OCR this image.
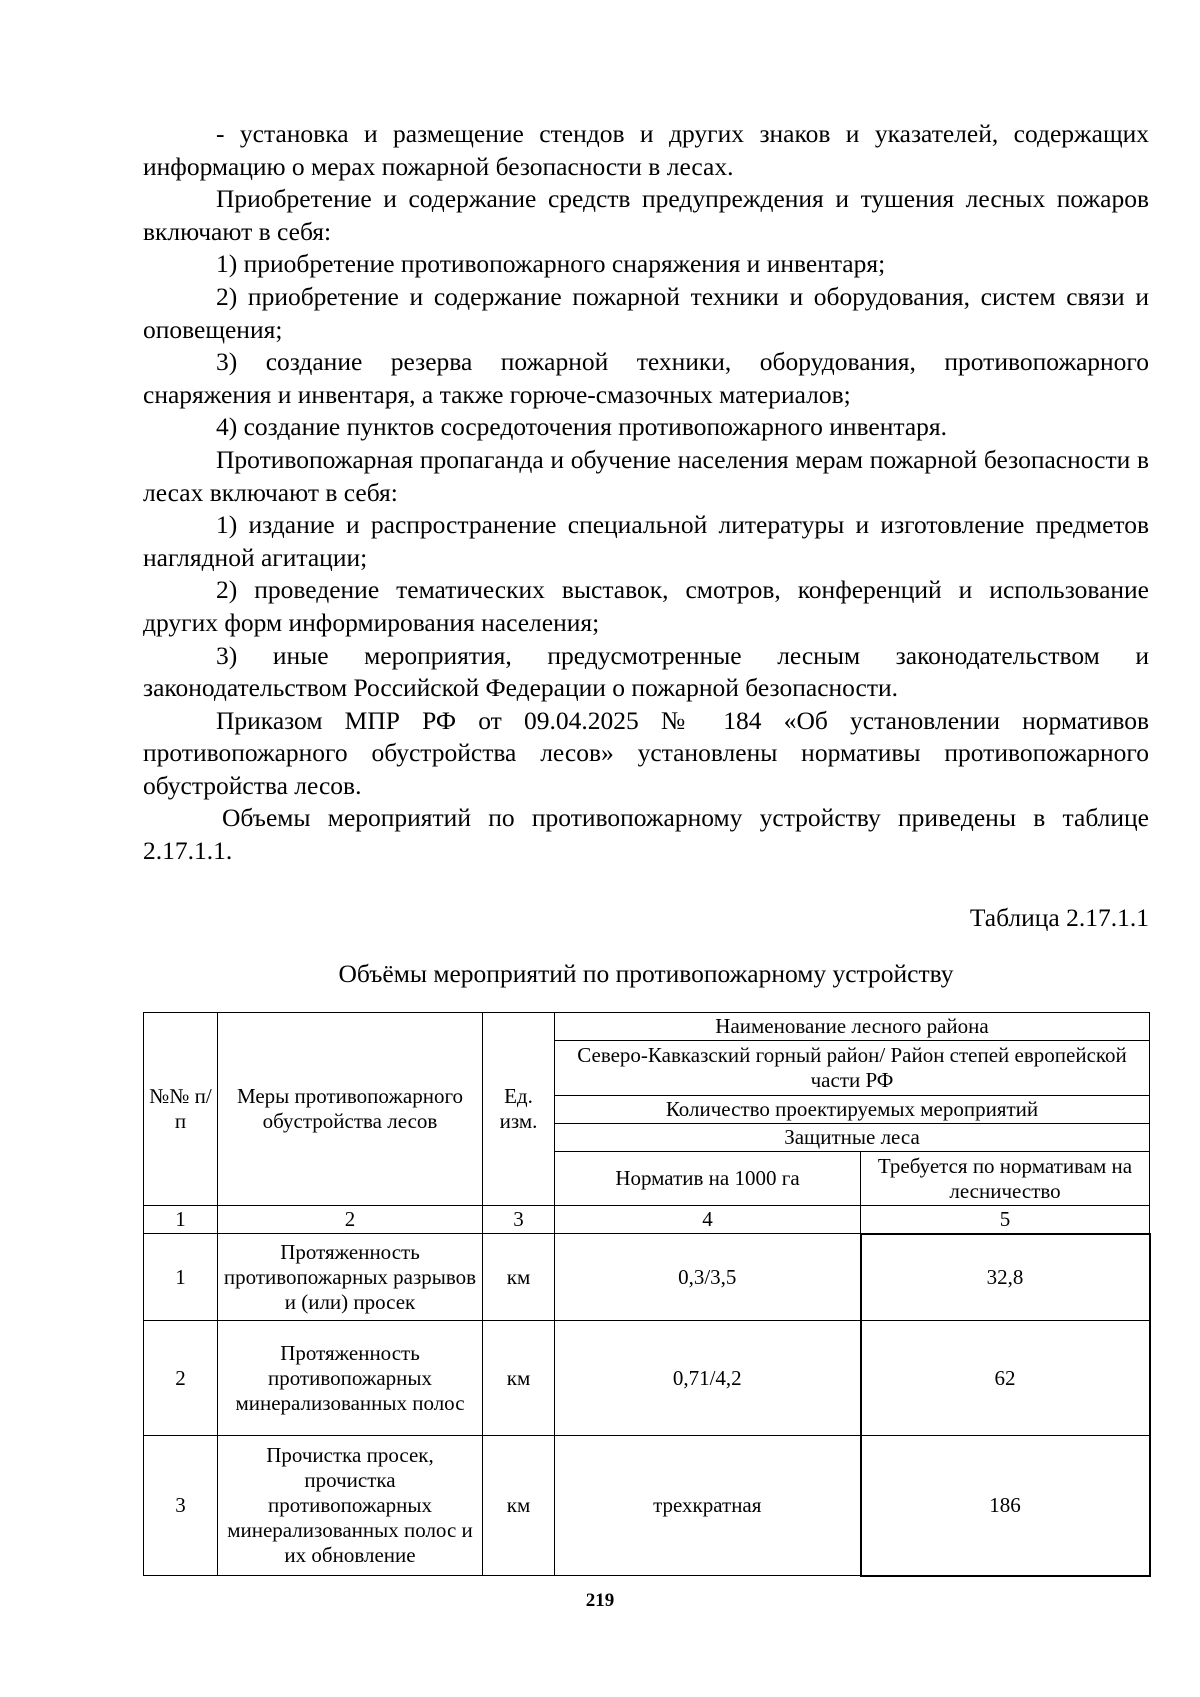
- установка и размещение стендов и других знаков и указателей, содержащих информацию о мерах пожарной безопасности в лесах.

Приобретение и содержание средств предупреждения и тушения лесных пожаров включают в себя:

1) приобретение противопожарного снаряжения и инвентаря;

2) приобретение и содержание пожарной техники и оборудования, систем связи и оповещения;

3) создание резерва пожарной техники, оборудования, противопожарного снаряжения и инвентаря, а также горюче-смазочных материалов;

4) создание пунктов сосредоточения противопожарного инвентаря.

Противопожарная пропаганда и обучение населения мерам пожарной безопасности в лесах включают в себя:

1) издание и распространение специальной литературы и изготовление предметов наглядной агитации;

2) проведение тематических выставок, смотров, конференций и использование других форм информирования населения;

3) иные мероприятия, предусмотренные лесным законодательством и законодательством Российской Федерации о пожарной безопасности.

Приказом МПР РФ от 09.04.2025 № 184 «Об установлении нормативов противопожарного обустройства лесов» установлены нормативы противопожарного обустройства лесов.

Объемы мероприятий по противопожарному устройству приведены в таблице 2.17.1.1.

Таблица 2.17.1.1
Объёмы мероприятий по противопожарному устройству
№№ п/п	Меры противопожарного обустройства лесов	Ед. изм.	Наименование лесного района	
			Северо-Кавказский горный район/ Район степей европейской части РФ	
			Количество проектируемых мероприятий	
			Защитные леса	
			Норматив на 1000 га	Требуется по нормативам на лесничество
1	2	3	4	5
1	Протяженность противопожарных разрывов и (или) просек	км	0,3/3,5	32,8
2	Протяженность противопожарных минерализованных полос	км	0,71/4,2	62
3	Прочистка просек, прочистка противопожарных минерализованных полос и их обновление	км	трехкратная	186
219
